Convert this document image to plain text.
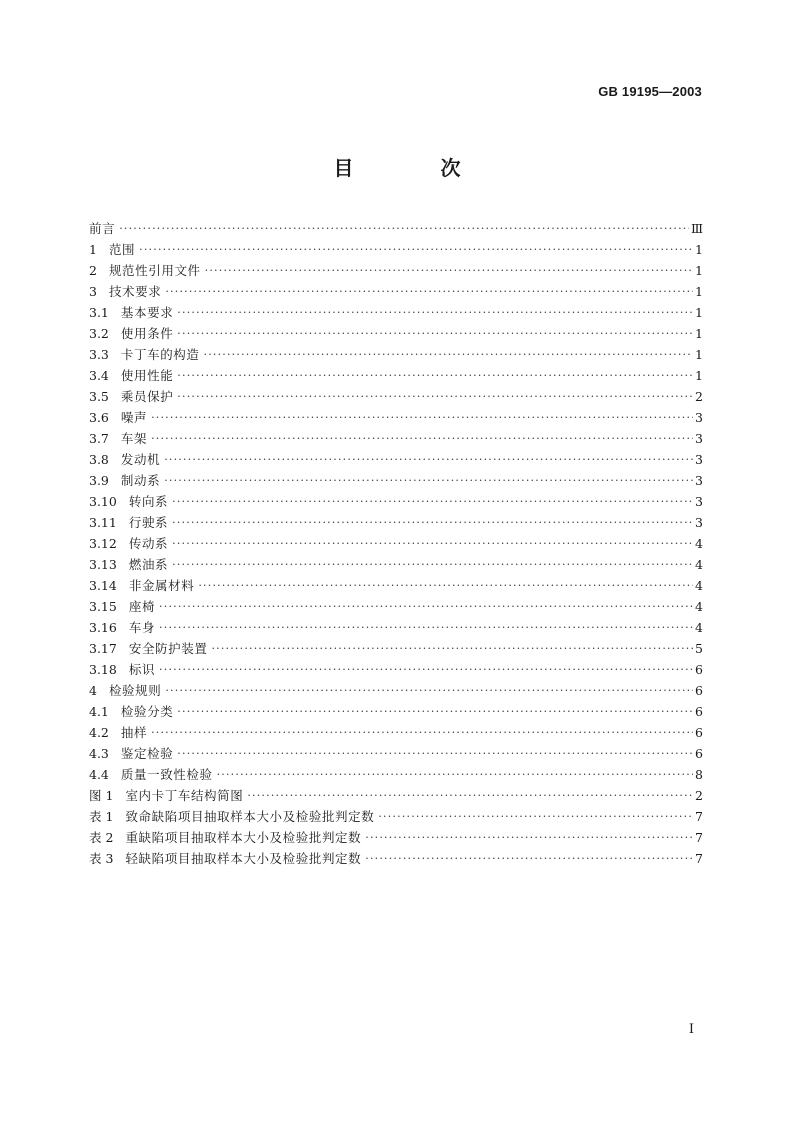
GB 19195—2003
目 次
前言 ·····	Ⅲ
1 范围 ·····	1
2 规范性引用文件 ·····	1
3 技术要求 ·····	1
3.1 基本要求 ·····	1
3.2 使用条件 ·····	1
3.3 卡丁车的构造 ·····	1
3.4 使用性能 ·····	1
3.5 乘员保护 ·····	2
3.6 噪声 ·····	3
3.7 车架 ·····	3
3.8 发动机 ·····	3
3.9 制动系 ·····	3
3.10 转向系 ·····	3
3.11 行驶系 ·····	3
3.12 传动系 ·····	4
3.13 燃油系 ·····	4
3.14 非金属材料 ·····	4
3.15 座椅 ·····	4
3.16 车身 ·····	4
3.17 安全防护装置 ·····	5
3.18 标识 ·····	6
4 检验规则 ·····	6
4.1 检验分类 ·····	6
4.2 抽样 ·····	6
4.3 鉴定检验 ·····	6
4.4 质量一致性检验 ·····	8
图 1 室内卡丁车结构简图 ·····	2
表 1 致命缺陷项目抽取样本大小及检验批判定数 ·····	7
表 2 重缺陷项目抽取样本大小及检验批判定数 ·····	7
表 3 轻缺陷项目抽取样本大小及检验批判定数 ·····	7
I
